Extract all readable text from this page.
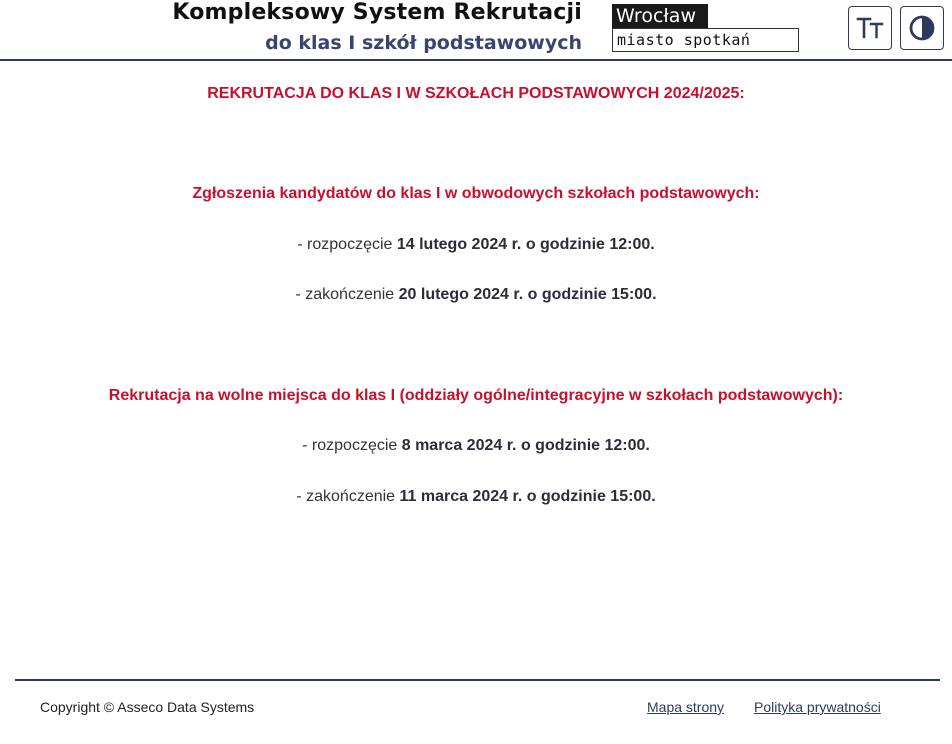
Kompleksowy System Rekrutacji
do klas I szkół podstawowych
Wrocław
miasto spotkań
REKRUTACJA DO KLAS I W SZKOŁACH PODSTAWOWYCH 2024/2025:
Zgłoszenia kandydatów do klas I w obwodowych szkołach podstawowych:
- rozpoczęcie 14 lutego 2024 r. o godzinie 12:00.
- zakończenie 20 lutego 2024 r. o godzinie 15:00.
Rekrutacja na wolne miejsca do klas I (oddziały ogólne/integracyjne w szkołach podstawowych):
- rozpoczęcie 8 marca 2024 r. o godzinie 12:00.
- zakończenie 11 marca 2024 r. o godzinie 15:00.
Copyright © Asseco Data Systems	Mapa strony Polityka prywatności
